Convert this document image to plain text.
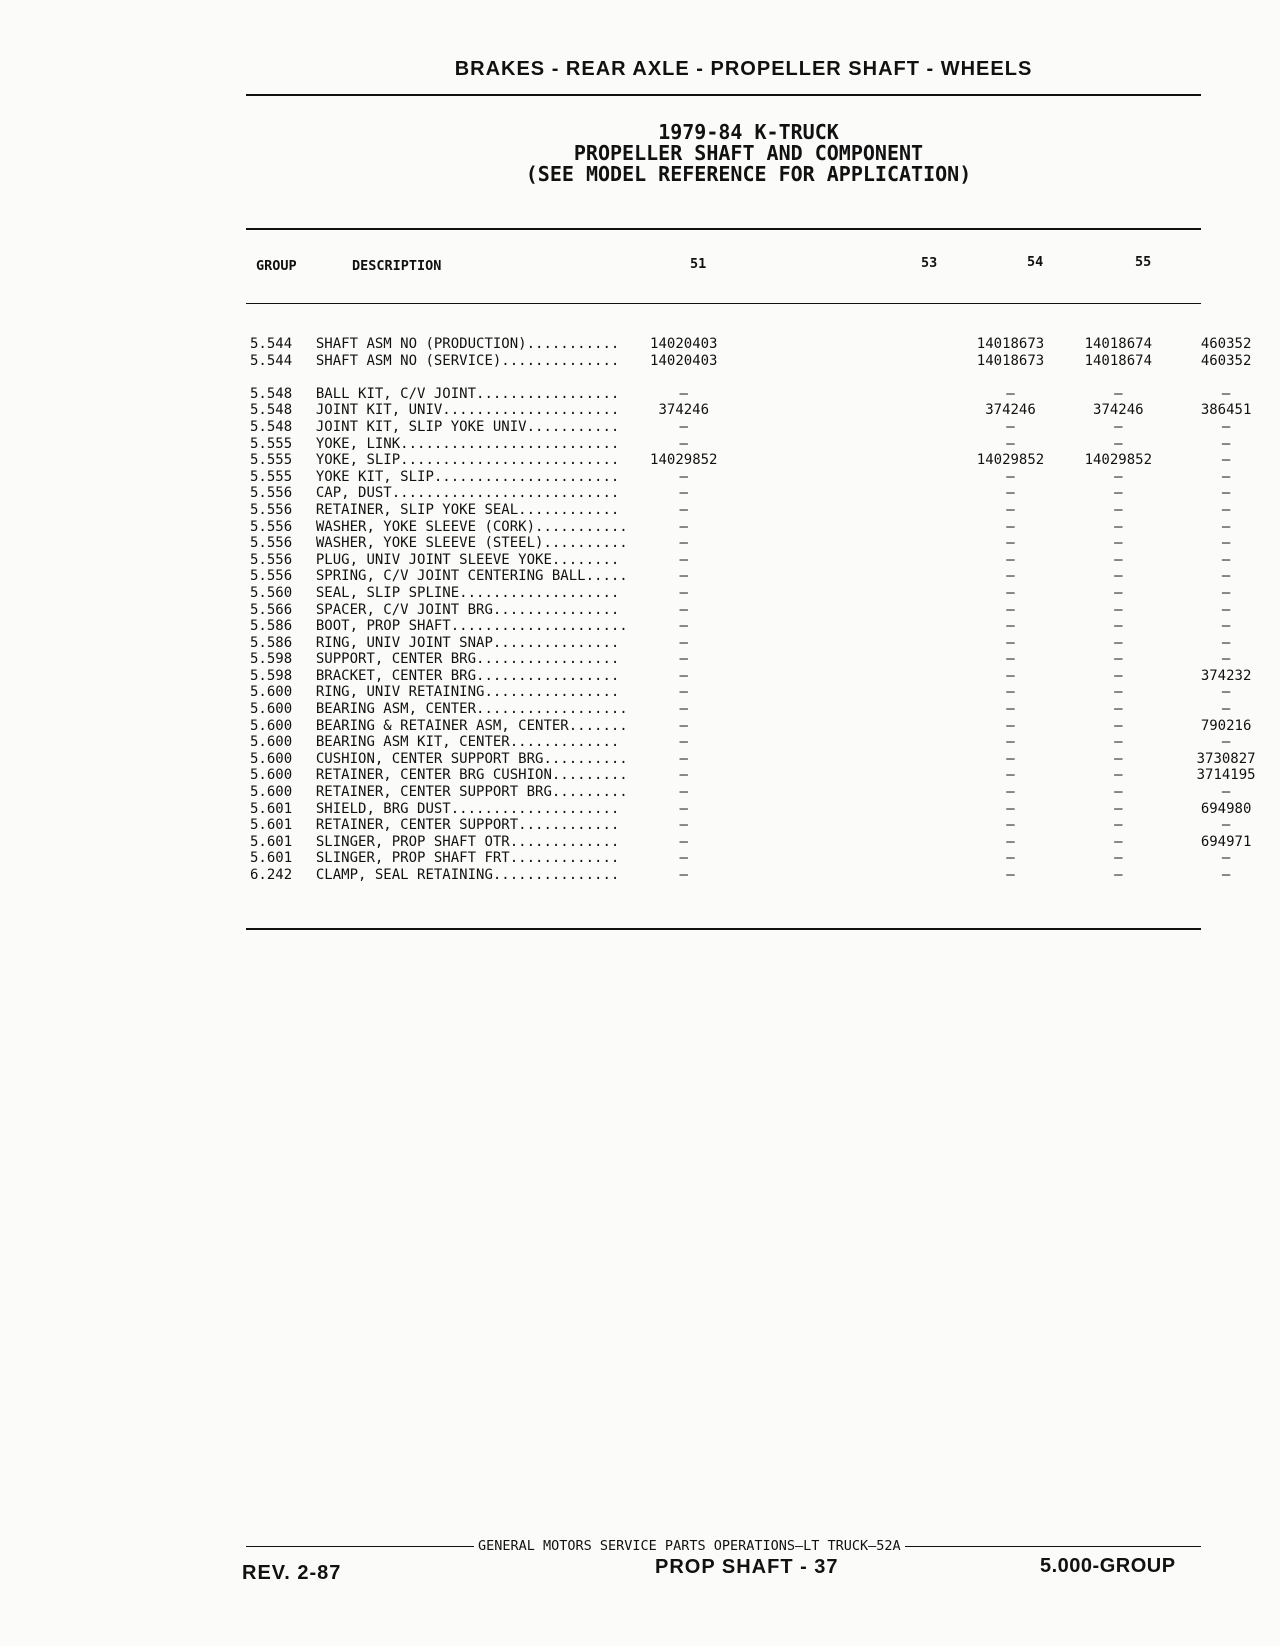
BRAKES - REAR AXLE - PROPELLER SHAFT - WHEELS
1979-84 K-TRUCK
PROPELLER SHAFT AND COMPONENT
(SEE MODEL REFERENCE FOR APPLICATION)
GROUP	DESCRIPTION	51	53	54	55
5.544	SHAFT ASM NO (PRODUCTION)...........	14020403	14018673	14018674	460352
5.544	SHAFT ASM NO (SERVICE)..............	14020403	14018673	14018674	460352

5.548	BALL KIT, C/V JOINT.................	—	—	—	—
5.548	JOINT KIT, UNIV.....................	374246	374246	374246	386451
5.548	JOINT KIT, SLIP YOKE UNIV...........	—	—	—	—
5.555	YOKE, LINK..........................	—	—	—	—
5.555	YOKE, SLIP..........................	14029852	14029852	14029852	—
5.555	YOKE KIT, SLIP......................	—	—	—	—
5.556	CAP, DUST...........................	—	—	—	—
5.556	RETAINER, SLIP YOKE SEAL............	—	—	—	—
5.556	WASHER, YOKE SLEEVE (CORK)...........	—	—	—	—
5.556	WASHER, YOKE SLEEVE (STEEL)..........	—	—	—	—
5.556	PLUG, UNIV JOINT SLEEVE YOKE........	—	—	—	—
5.556	SPRING, C/V JOINT CENTERING BALL.....	—	—	—	—
5.560	SEAL, SLIP SPLINE...................	—	—	—	—
5.566	SPACER, C/V JOINT BRG...............	—	—	—	—
5.586	BOOT, PROP SHAFT.....................	—	—	—	—
5.586	RING, UNIV JOINT SNAP...............	—	—	—	—
5.598	SUPPORT, CENTER BRG.................	—	—	—	—
5.598	BRACKET, CENTER BRG.................	—	—	—	374232
5.600	RING, UNIV RETAINING................	—	—	—	—
5.600	BEARING ASM, CENTER..................	—	—	—	—
5.600	BEARING & RETAINER ASM, CENTER.......	—	—	—	790216
5.600	BEARING ASM KIT, CENTER.............	—	—	—	—
5.600	CUSHION, CENTER SUPPORT BRG..........	—	—	—	3730827
5.600	RETAINER, CENTER BRG CUSHION.........	—	—	—	3714195
5.600	RETAINER, CENTER SUPPORT BRG.........	—	—	—	—
5.601	SHIELD, BRG DUST....................	—	—	—	694980
5.601	RETAINER, CENTER SUPPORT............	—	—	—	—
5.601	SLINGER, PROP SHAFT OTR.............	—	—	—	694971
5.601	SLINGER, PROP SHAFT FRT.............	—	—	—	—
6.242	CLAMP, SEAL RETAINING...............	—	—	—	—
GENERAL MOTORS SERVICE PARTS OPERATIONS—LT TRUCK—52A
REV. 2-87	PROP SHAFT - 37	5.000-GROUP
